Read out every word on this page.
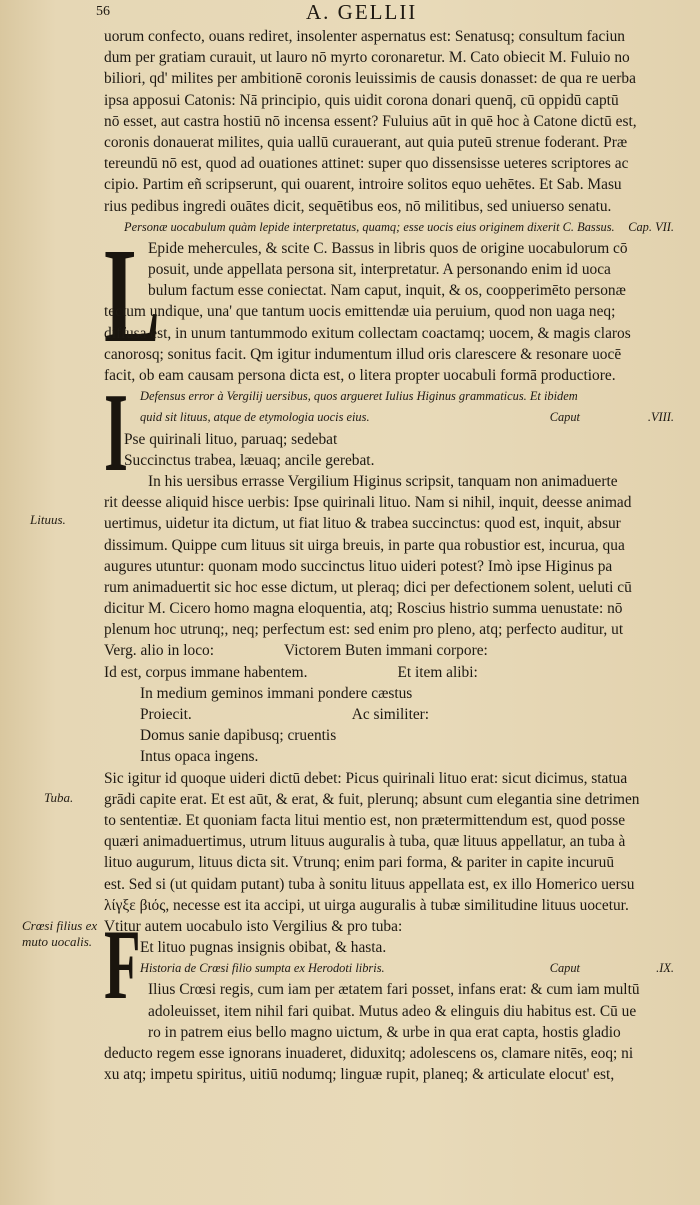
56	A. GELLII
L
I
F
Lituus.
Tuba.
Crœsi filius ex muto uocalis.
uorum confecto, ouans rediret, insolenter aspernatus est: Senatusq; consultum faciun
dum per gratiam curauit, ut lauro nō myrto coronaretur. M. Cato obiecit M. Fuluio no
biliori, qd' milites per ambitionē coronis leuissimis de causis donasset: de qua re uerba
ipsa apposui Catonis: Nā principio, quis uidit corona donari quenq̄, cū oppidū captū
nō esset, aut castra hostiū nō incensa essent? Fuluius aūt in quē hoc à Catone dictū est,
coronis donauerat milites, quia uallū curauerant, aut quia puteū strenue foderant. Præ
tereundū nō est, quod ad ouationes attinet: super quo dissensisse ueteres scriptores ac
cipio. Partim eñ scripserunt, qui ouarent, introire solitos equo uehētes. Et Sab. Masu
rius pedibus ingredi ouātes dicit, sequētibus eos, nō militibus, sed uniuerso senatu.
Personæ uocabulum quàm lepide interpretatus, quamq; esse uocis eius originem dixerit C. Bassus. Cap. VII.
Epide mehercules, & scite C. Bassus in libris quos de origine uocabulorum cō
posuit, unde appellata persona sit, interpretatur. A personando enim id uoca
bulum factum esse coniectat. Nam caput, inquit, & os, coopperimēto personæ
tectum undique, una' que tantum uocis emittendæ uia peruium, quod non uaga neq;
diffusa est, in unum tantummodo exitum collectam coactamq; uocem, & magis claros
canorosq; sonitus facit. Qm igitur indumentum illud oris clarescere & resonare uocē
facit, ob eam causam persona dicta est, o litera propter uocabuli formā productiore.
Defensus error à Vergilij uersibus, quos argueret Iulius Higinus grammaticus. Et ibidem
quid sit lituus, atque de etymologia uocis eius.	Caput	.VIII.
Pse quirinali lituo, paruaq; sedebat
Succinctus trabea, læuaq; ancile gerebat.
In his uersibus errasse Vergilium Higinus scripsit, tanquam non animaduerte
rit deesse aliquid hisce uerbis: Ipse quirinali lituo. Nam si nihil, inquit, deesse animad
uertimus, uidetur ita dictum, ut fiat lituo & trabea succinctus: quod est, inquit, absur
dissimum. Quippe cum lituus sit uirga breuis, in parte qua robustior est, incurua, qua
augures utuntur: quonam modo succinctus lituo uideri potest? Imò ipse Higinus pa
rum animaduertit sic hoc esse dictum, ut pleraq; dici per defectionem solent, ueluti cū
dicitur M. Cicero homo magna eloquentia, atq; Roscius histrio summa uenustate: nō
plenum hoc utrunq;, neq; perfectum est: sed enim pro pleno, atq; perfecto auditur, ut
Verg. alio in loco:	Victorem Buten immani corpore:
Id est, corpus immane habentem.	Et item alibi:
In medium geminos immani pondere cæstus
Proiecit.	Ac similiter:
Domus sanie dapibusq; cruentis
Intus opaca ingens.
Sic igitur id quoque uideri dictū debet: Picus quirinali lituo erat: sicut dicimus, statua
grādi capite erat. Et est aūt, & erat, & fuit, plerunq; absunt cum elegantia sine detrimen
to sententiæ. Et quoniam facta litui mentio est, non prætermittendum est, quod posse
quæri animaduertimus, utrum lituus auguralis à tuba, quæ lituus appellatur, an tuba à
lituo augurum, lituus dicta sit. Vtrunq; enim pari forma, & pariter in capite incuruū
est. Sed si (ut quidam putant) tuba à sonitu lituus appellata est, ex illo Homerico uersu
λίγξε βιός, necesse est ita accipi, ut uirga auguralis à tubæ similitudine lituus uocetur.
Vtitur autem uocabulo isto Vergilius & pro tuba:
Et lituo pugnas insignis obibat, & hasta.
Historia de Crœsi filio sumpta ex Herodoti libris.	Caput	.IX.
Ilius Crœsi regis, cum iam per ætatem fari posset, infans erat: & cum iam multū
adoleuisset, item nihil fari quibat. Mutus adeo & elinguis diu habitus est. Cū ue
ro in patrem eius bello magno uictum, & urbe in qua erat capta, hostis gladio
deducto regem esse ignorans inuaderet, diduxitq; adolescens os, clamare nitēs, eoq; ni
xu atq; impetu spiritus, uitiū nodumq; linguæ rupit, planeq; & articulate elocut' est,
